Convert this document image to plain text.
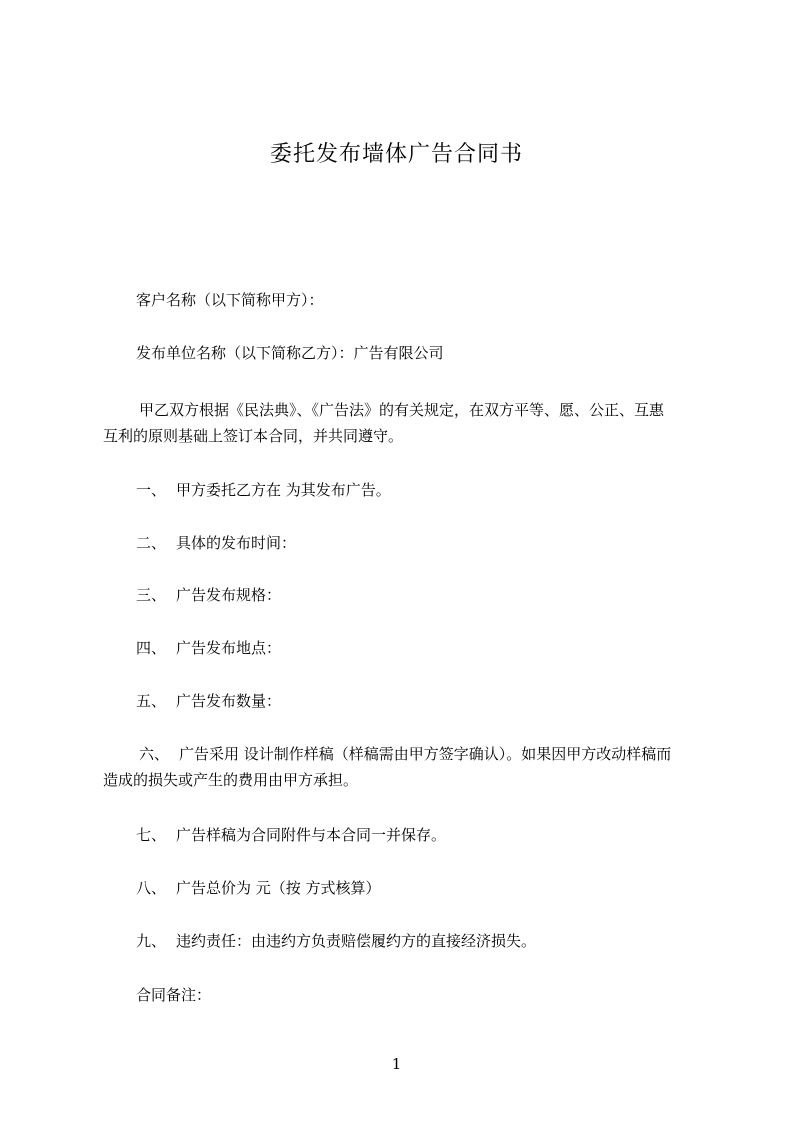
委托发布墙体广告合同书

客户名称（以下简称甲方）：

发布单位名称（以下简称乙方）：广告有限公司

甲乙双方根据《民法典》、《广告法》的有关规定，在双方平等、愿、公正、互惠

互利的原则基础上签订本合同，并共同遵守。

一、 甲方委托乙方在 为其发布广告。

二、 具体的发布时间：

三、 广告发布规格：

四、 广告发布地点：

五、 广告发布数量：

六、 广告采用 设计制作样稿（样稿需由甲方签字确认）。如果因甲方改动样稿而

造成的损失或产生的费用由甲方承担。

七、 广告样稿为合同附件与本合同一并保存。

八、 广告总价为 元（按 方式核算）

九、 违约责任：由违约方负责赔偿履约方的直接经济损失。

合同备注：

1
